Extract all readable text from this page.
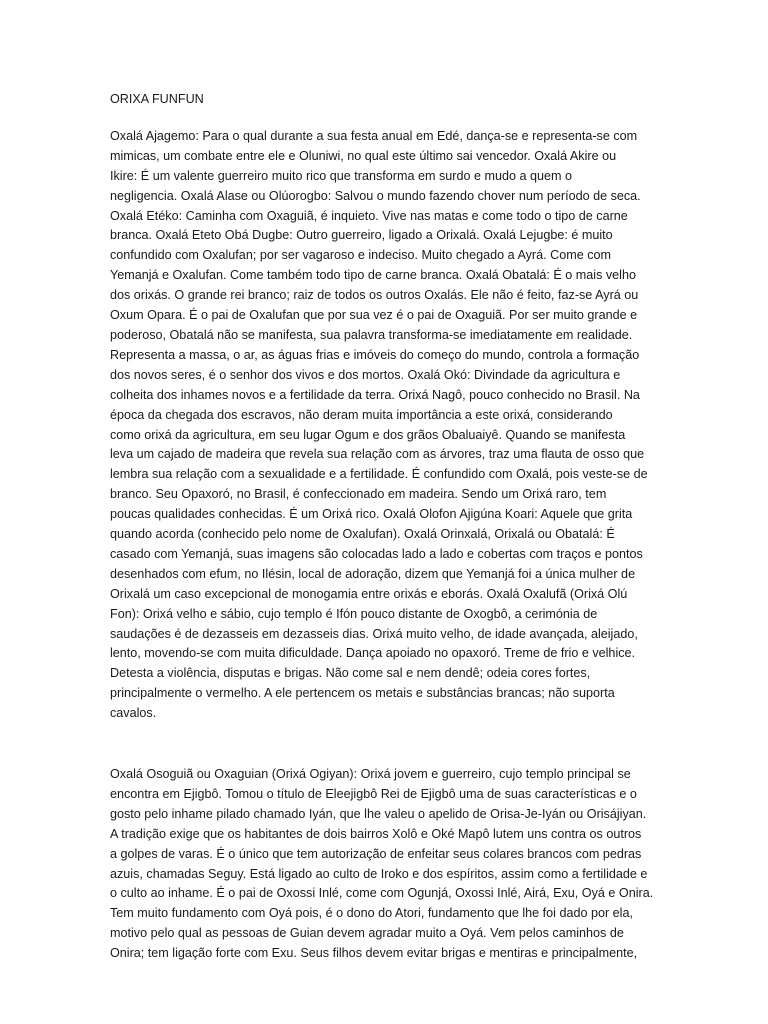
ORIXA FUNFUN
Oxalá Ajagemo: Para o qual durante a sua festa anual em Edé, dança-se e representa-se com
mimicas, um combate entre ele e Oluniwi, no qual este último sai vencedor. Oxalá Akire ou
Ikire: É um valente guerreiro muito rico que transforma em surdo e mudo a quem o
negligencia. Oxalá Alase ou Olúorogbo: Salvou o mundo fazendo chover num período de seca.
Oxalá Etéko: Caminha com Oxaguiã, é inquieto. Vive nas matas e come todo o tipo de carne
branca. Oxalá Eteto Obá Dugbe: Outro guerreiro, ligado a Orixalá. Oxalá Lejugbe: é muito
confundido com Oxalufan; por ser vagaroso e indeciso. Muito chegado a Ayrá. Come com
Yemanjá e Oxalufan. Come também todo tipo de carne branca. Oxalá Obatalá: É o mais velho
dos orixás. O grande rei branco; raiz de todos os outros Oxalás. Ele não é feito, faz-se Ayrá ou
Oxum Opara. É o pai de Oxalufan que por sua vez é o pai de Oxaguiã. Por ser muito grande e
poderoso, Obatalá não se manifesta, sua palavra transforma-se imediatamente em realidade.
Representa a massa, o ar, as águas frias e imóveis do começo do mundo, controla a formação
dos novos seres, é o senhor dos vivos e dos mortos. Oxalá Okó: Divindade da agricultura e
colheita dos inhames novos e a fertilidade da terra. Orixá Nagô, pouco conhecido no Brasil. Na
época da chegada dos escravos, não deram muita importância a este orixá, considerando
como orixá da agricultura, em seu lugar Ogum e dos grãos Obaluaiyê. Quando se manifesta
leva um cajado de madeira que revela sua relação com as árvores, traz uma flauta de osso que
lembra sua relação com a sexualidade e a fertilidade. É confundido com Oxalá, pois veste-se de
branco. Seu Opaxoró, no Brasil, é confeccionado em madeira. Sendo um Orixá raro, tem
poucas qualidades conhecidas. É um Orixá rico. Oxalá Olofon Ajigúna Koari: Aquele que grita
quando acorda (conhecido pelo nome de Oxalufan). Oxalá Orinxalá, Orixalá ou Obatalá: É
casado com Yemanjá, suas imagens são colocadas lado a lado e cobertas com traços e pontos
desenhados com efum, no Ilésin, local de adoração, dizem que Yemanjá foi a única mulher de
Orixalá um caso excepcional de monogamia entre orixás e eborás. Oxalá Oxalufã (Orixá Olú
Fon): Orixá velho e sábio, cujo templo é Ifón pouco distante de Oxogbô, a cerimónia de
saudações é de dezasseis em dezasseis dias. Orixá muito velho, de idade avançada, aleijado,
lento, movendo-se com muita dificuldade. Dança apoiado no opaxoró. Treme de frio e velhice.
Detesta a violência, disputas e brigas. Não come sal e nem dendê; odeia cores fortes,
principalmente o vermelho. A ele pertencem os metais e substâncias brancas; não suporta
cavalos.
Oxalá Osoguiã ou Oxaguian (Orixá Ogiyan): Orixá jovem e guerreiro, cujo templo principal se
encontra em Ejigbô. Tomou o título de Eleejigbô Rei de Ejigbô uma de suas características e o
gosto pelo inhame pilado chamado Iyán, que lhe valeu o apelido de Orisa-Je-Iyán ou Orisájiyan.
A tradição exige que os habitantes de dois bairros Xolô e Oké Mapô lutem uns contra os outros
a golpes de varas. É o único que tem autorização de enfeitar seus colares brancos com pedras
azuis, chamadas Seguy. Está ligado ao culto de Iroko e dos espíritos, assim como a fertilidade e
o culto ao inhame. É o pai de Oxossi Inlé, come com Ogunjá, Oxossi Inlé, Airá, Exu, Oyá e Onira.
Tem muito fundamento com Oyá pois, é o dono do Atori, fundamento que lhe foi dado por ela,
motivo pelo qual as pessoas de Guian devem agradar muito a Oyá. Vem pelos caminhos de
Onira; tem ligação forte com Exu. Seus filhos devem evitar brigas e mentiras e principalmente,
